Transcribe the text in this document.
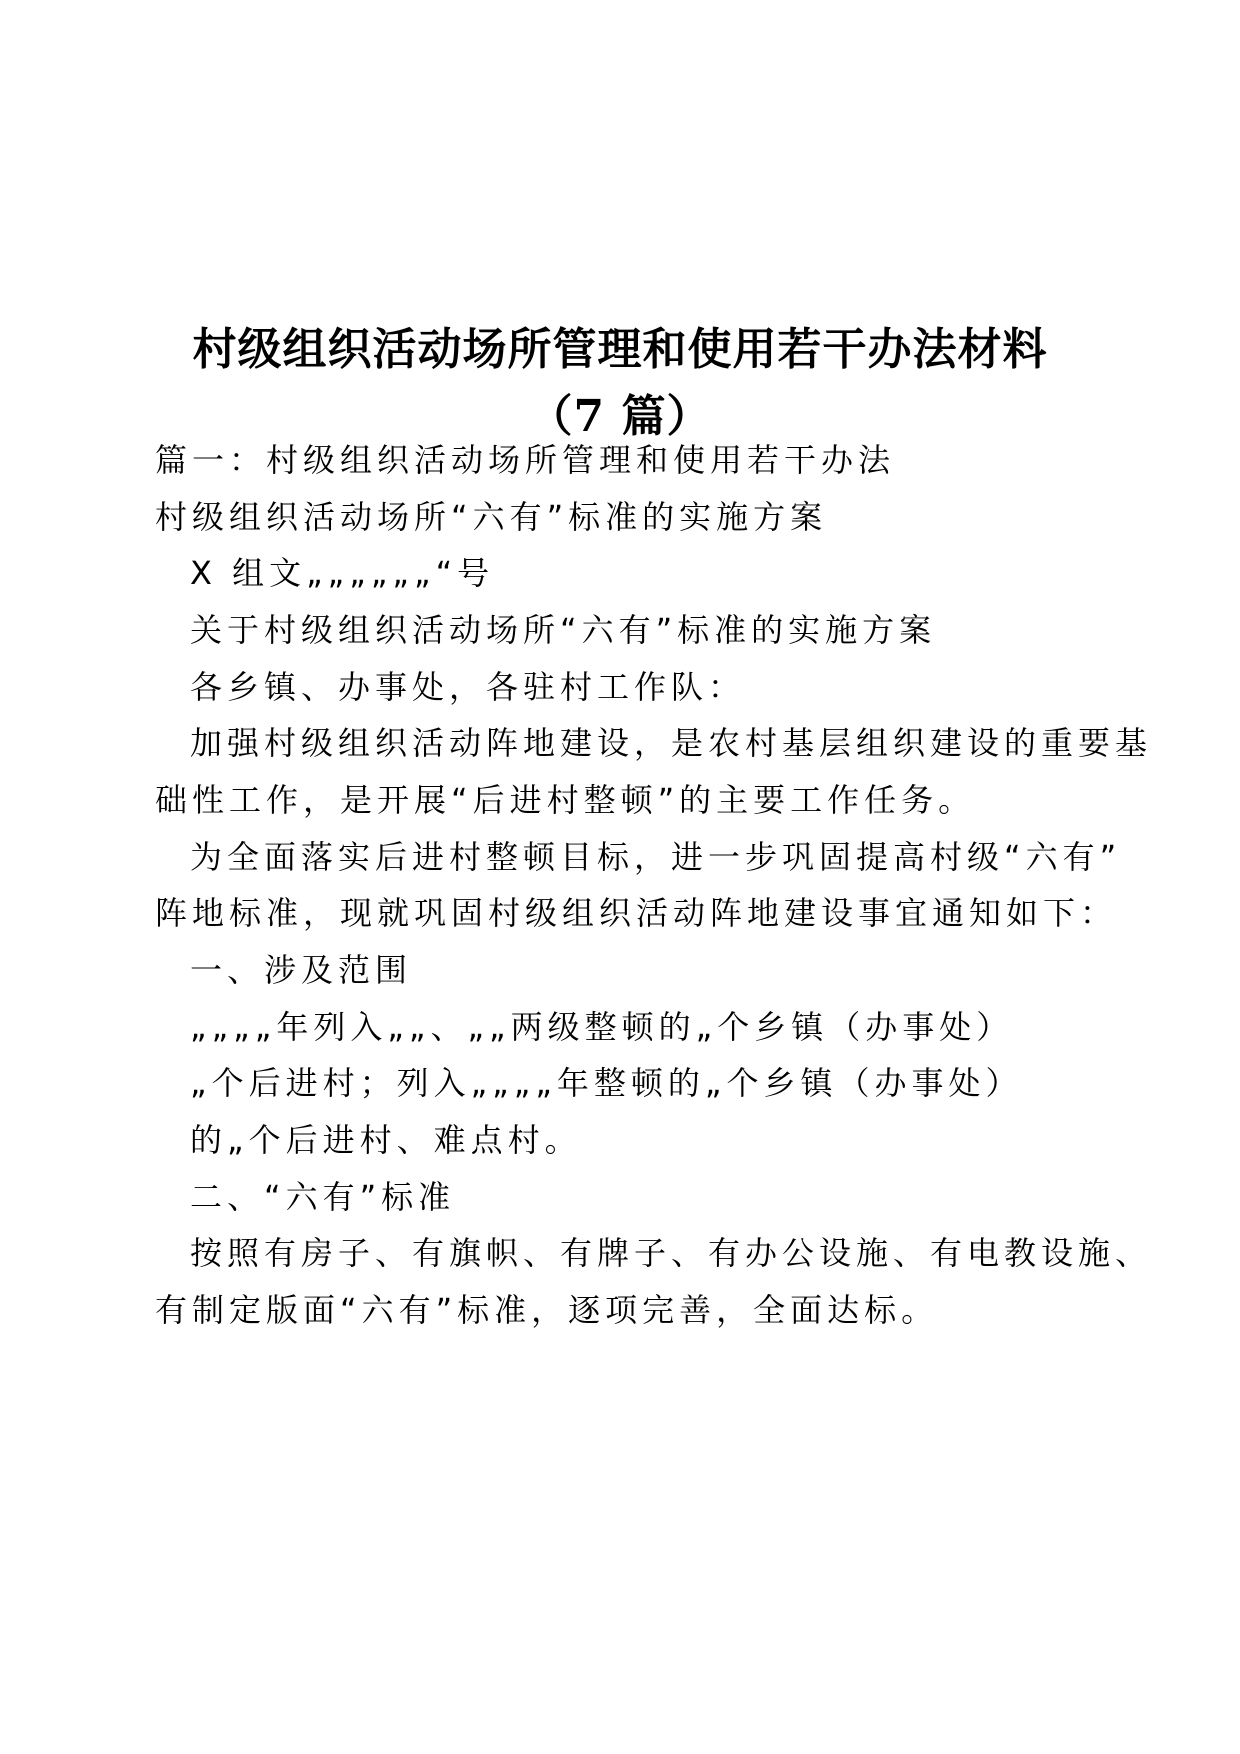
村级组织活动场所管理和使用若干办法材料
（7 篇）
篇一：村级组织活动场所管理和使用若干办法
村级组织活动场所“六有”标准的实施方案
X 组文„„„„„„“号
关于村级组织活动场所“六有”标准的实施方案
各乡镇、办事处，各驻村工作队：
加强村级组织活动阵地建设，是农村基层组织建设的重要基
础性工作，是开展“后进村整顿”的主要工作任务。
为全面落实后进村整顿目标，进一步巩固提高村级“六有”
阵地标准，现就巩固村级组织活动阵地建设事宜通知如下：
一、涉及范围
„„„„年列入„„、„„两级整顿的„个乡镇（办事处）
„个后进村；列入„„„„年整顿的„个乡镇（办事处）
的„个后进村、难点村。
二、“六有”标准
按照有房子、有旗帜、有牌子、有办公设施、有电教设施、
有制定版面“六有”标准，逐项完善，全面达标。
